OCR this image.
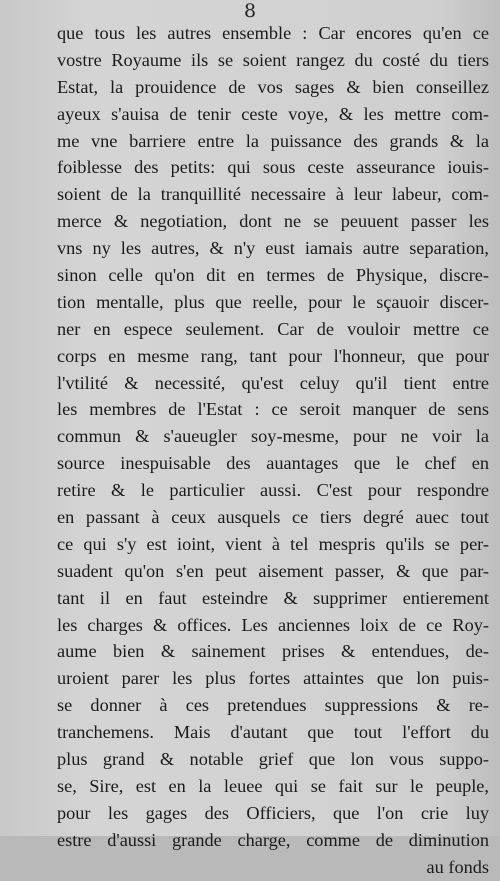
8
que tous les autres ensemble : Car encores qu'en ce
vostre Royaume ils se soient rangez du costé du tiers
Estat, la prouidence de vos sages & bien conseillez
ayeux s'auisa de tenir ceste voye, & les mettre com-
me vne barriere entre la puissance des grands & la
foiblesse des petits: qui sous ceste asseurance iouis-
soient de la tranquillité necessaire à leur labeur, com-
merce & negotiation, dont ne se peuuent passer les
vns ny les autres, & n'y eust iamais autre separation,
sinon celle qu'on dit en termes de Physique, discre-
tion mentalle, plus que reelle, pour le sçauoir discer-
ner en espece seulement. Car de vouloir mettre ce
corps en mesme rang, tant pour l'honneur, que pour
l'vtilité & necessité, qu'est celuy qu'il tient entre
les membres de l'Estat : ce seroit manquer de sens
commun & s'aueugler soy-mesme, pour ne voir la
source inespuisable des auantages que le chef en
retire & le particulier aussi. C'est pour respondre
en passant à ceux ausquels ce tiers degré auec tout
ce qui s'y est ioint, vient à tel mespris qu'ils se per-
suadent qu'on s'en peut aisement passer, & que par-
tant il en faut esteindre & supprimer entierement
les charges & offices. Les anciennes loix de ce Roy-
aume bien & sainement prises & entendues, de-
uroient parer les plus fortes attaintes que lon puis-
se donner à ces pretendues suppressions & re-
tranchemens. Mais d'autant que tout l'effort du
plus grand & notable grief que lon vous suppo-
se, Sire, est en la leuee qui se fait sur le peuple,
pour les gages des Officiers, que l'on crie luy
estre d'aussi grande charge, comme de diminution
au fonds
